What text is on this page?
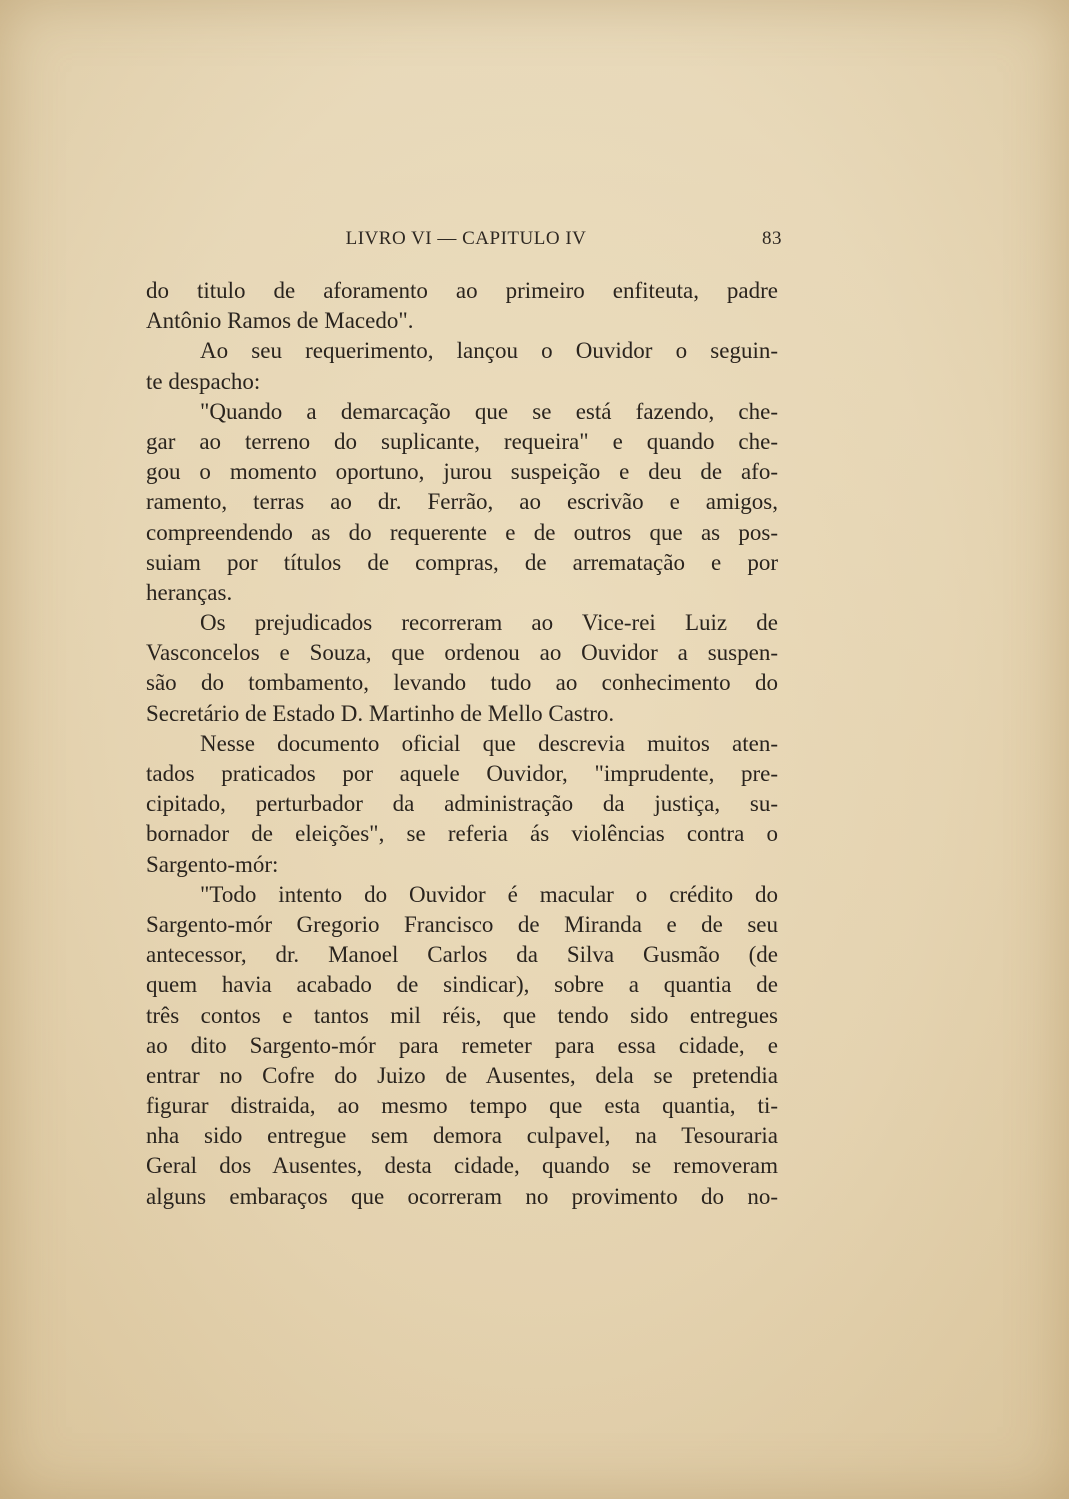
LIVRO VI — CAPITULO IV	83
do titulo de aforamento ao primeiro enfiteuta, padre
Antônio Ramos de Macedo".
Ao seu requerimento, lançou o Ouvidor o seguin-
te despacho:
"Quando a demarcação que se está fazendo, che-
gar ao terreno do suplicante, requeira" e quando che-
gou o momento oportuno, jurou suspeição e deu de afo-
ramento, terras ao dr. Ferrão, ao escrivão e amigos,
compreendendo as do requerente e de outros que as pos-
suiam por títulos de compras, de arrematação e por
heranças.
Os prejudicados recorreram ao Vice-rei Luiz de
Vasconcelos e Souza, que ordenou ao Ouvidor a suspen-
são do tombamento, levando tudo ao conhecimento do
Secretário de Estado D. Martinho de Mello Castro.
Nesse documento oficial que descrevia muitos aten-
tados praticados por aquele Ouvidor, "imprudente, pre-
cipitado, perturbador da administração da justiça, su-
bornador de eleições", se referia ás violências contra o
Sargento-mór:
"Todo intento do Ouvidor é macular o crédito do
Sargento-mór Gregorio Francisco de Miranda e de seu
antecessor, dr. Manoel Carlos da Silva Gusmão (de
quem havia acabado de sindicar), sobre a quantia de
três contos e tantos mil réis, que tendo sido entregues
ao dito Sargento-mór para remeter para essa cidade, e
entrar no Cofre do Juizo de Ausentes, dela se pretendia
figurar distraida, ao mesmo tempo que esta quantia, ti-
nha sido entregue sem demora culpavel, na Tesouraria
Geral dos Ausentes, desta cidade, quando se removeram
alguns embaraços que ocorreram no provimento do no-
